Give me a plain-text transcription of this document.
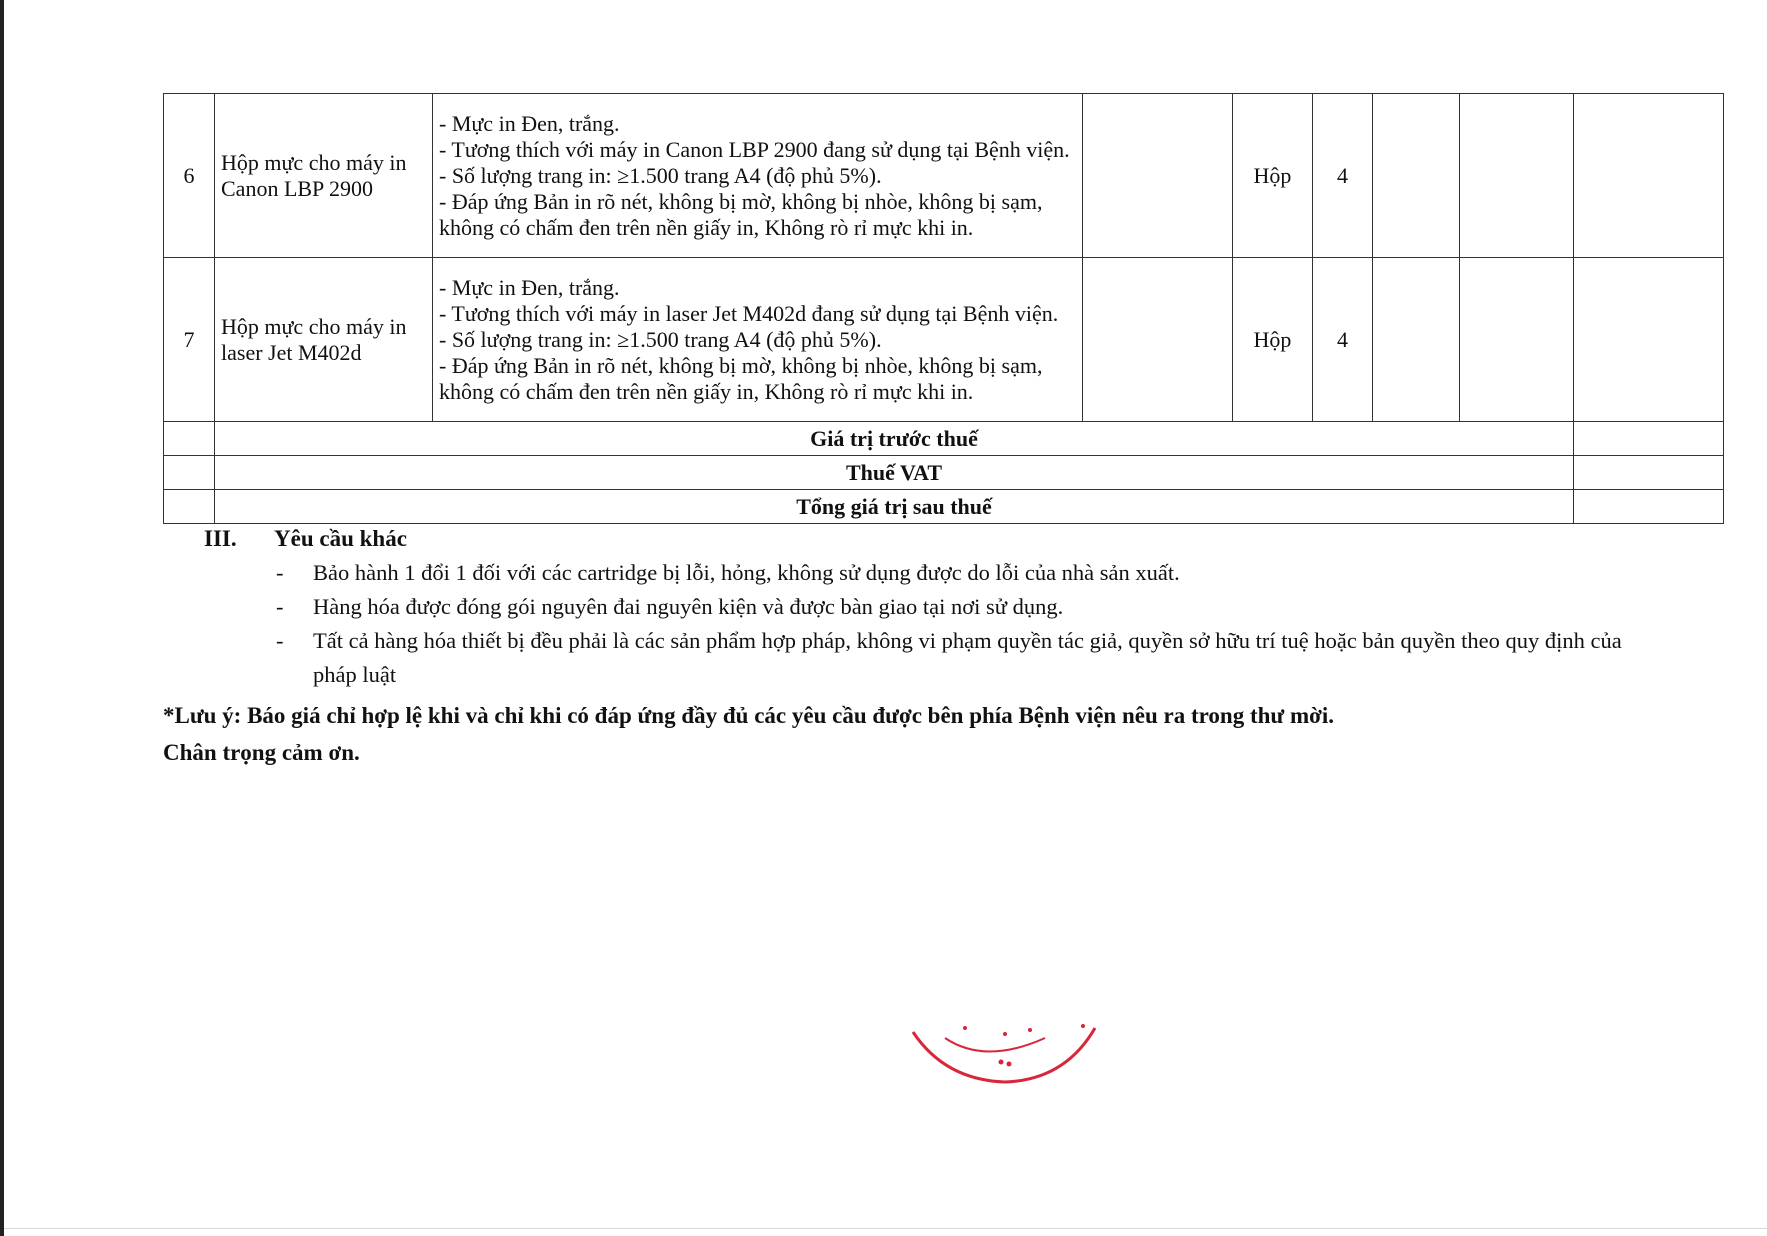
6	Hộp mực cho máy in Canon LBP 2900	- Mực in Đen, trắng.
- Tương thích với máy in Canon LBP 2900 đang sử dụng tại Bệnh viện.
- Số lượng trang in: ≥1.500 trang A4 (độ phủ 5%).
- Đáp ứng Bản in rõ nét, không bị mờ, không bị nhòe, không bị sạm, không có chấm đen trên nền giấy in, Không rò rỉ mực khi in.		Hộp	4			
7	Hộp mực cho máy in laser Jet M402d	- Mực in Đen, trắng.
- Tương thích với máy in laser Jet M402d đang sử dụng tại Bệnh viện.
- Số lượng trang in: ≥1.500 trang A4 (độ phủ 5%).
- Đáp ứng Bản in rõ nét, không bị mờ, không bị nhòe, không bị sạm, không có chấm đen trên nền giấy in, Không rò rỉ mực khi in.		Hộp	4			
	Giá trị trước thuế							
	Thuế VAT							
	Tổng giá trị sau thuế							
III. Yêu cầu khác
- Bảo hành 1 đổi 1 đối với các cartridge bị lỗi, hỏng, không sử dụng được do lỗi của nhà sản xuất.
- Hàng hóa được đóng gói nguyên đai nguyên kiện và được bàn giao tại nơi sử dụng.
- Tất cả hàng hóa thiết bị đều phải là các sản phẩm hợp pháp, không vi phạm quyền tác giả, quyền sở hữu trí tuệ hoặc bản quyền theo quy định của pháp luật
*Lưu ý: Báo giá chỉ hợp lệ khi và chỉ khi có đáp ứng đầy đủ các yêu cầu được bên phía Bệnh viện nêu ra trong thư mời.
Chân trọng cảm ơn.
